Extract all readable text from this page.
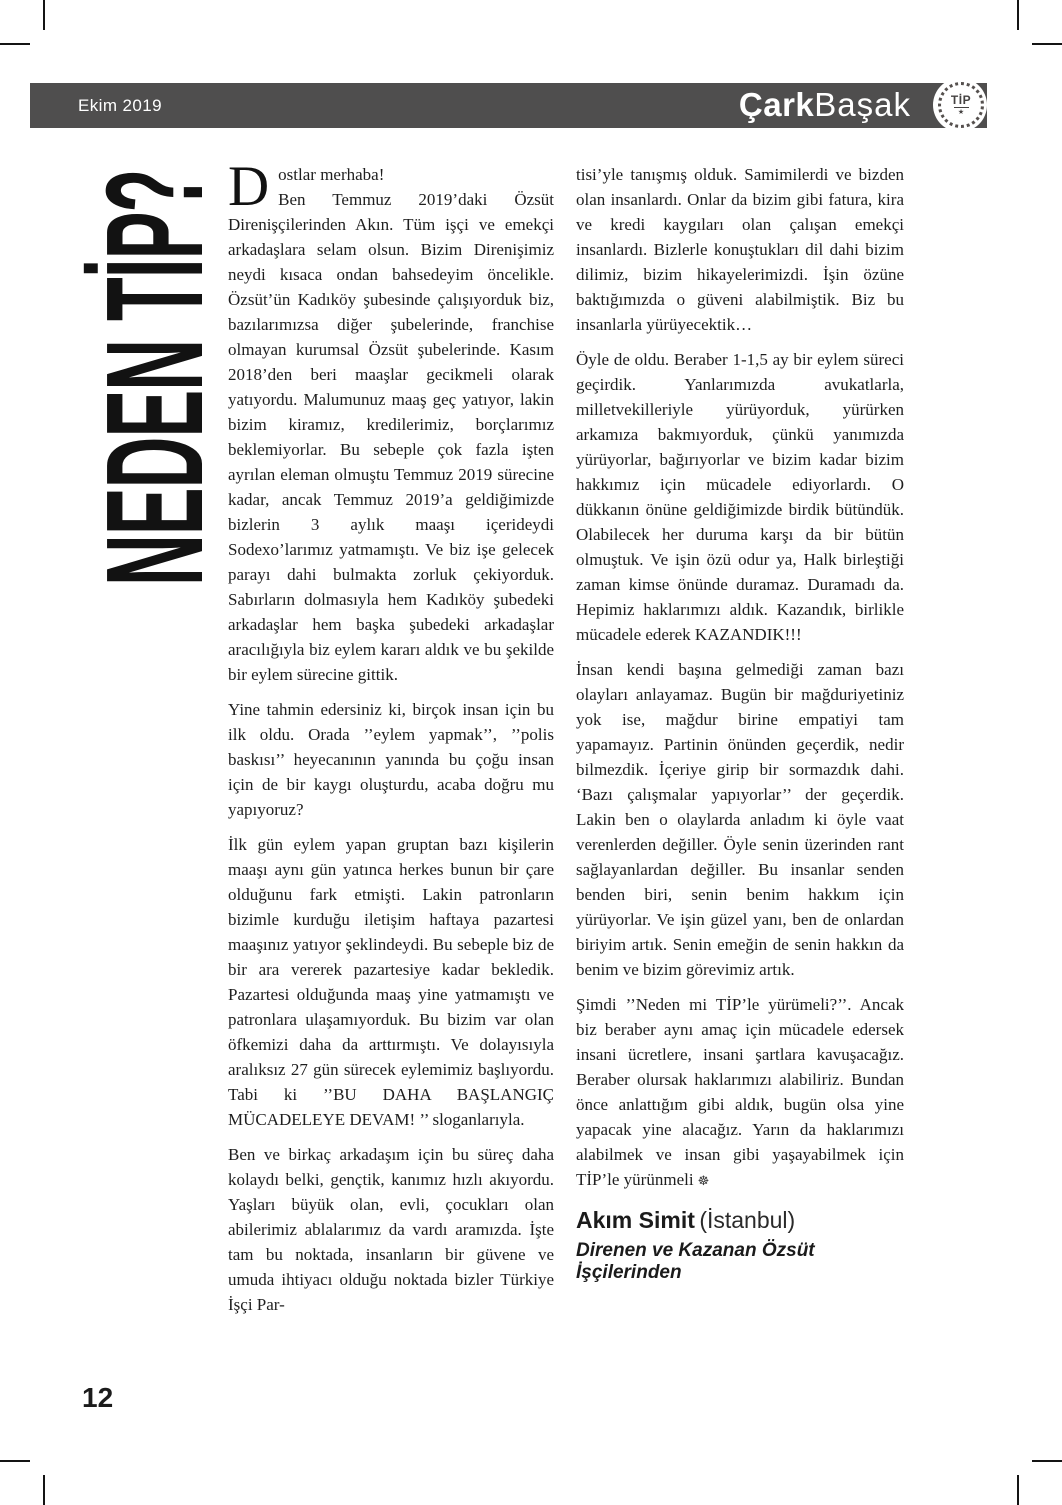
Ekim 2019	ÇarkBaşak	TİP
★
NEDEN TİP?

Dostlar merhaba!
Ben Temmuz 2019’daki Özsüt Direnişçilerinden Akın. Tüm işçi ve emekçi arkadaşlara selam olsun. Bizim Direnişimiz neydi kısaca ondan bahsedeyim öncelikle. Özsüt’ün Kadıköy şubesinde çalışıyorduk biz, bazılarımızsa diğer şubelerinde, franchise olmayan kurumsal Özsüt şubelerinde. Kasım 2018’den beri maaşlar gecikmeli olarak yatıyordu. Malumunuz maaş geç yatıyor, lakin bizim kiramız, kredilerimiz, borçlarımız beklemiyorlar. Bu sebeple çok fazla işten ayrılan eleman olmuştu Temmuz 2019 sürecine kadar, ancak Temmuz 2019’a geldiğimizde bizlerin 3 aylık maaşı içerideydi Sodexo’larımız yatmamıştı. Ve biz işe gelecek parayı dahi bulmakta zorluk çekiyorduk. Sabırların dolmasıyla hem Kadıköy şubedeki arkadaşlar hem başka şubedeki arkadaşlar aracılığıyla biz eylem kararı aldık ve bu şekilde bir eylem sürecine gittik.

Yine tahmin edersiniz ki, birçok insan için bu ilk oldu. Orada ’’eylem yapmak’’, ’’polis baskısı’’ heyecanının yanında bu çoğu insan için de bir kaygı oluşturdu, acaba doğru mu yapıyoruz?

İlk gün eylem yapan gruptan bazı kişilerin maaşı aynı gün yatınca herkes bunun bir çare olduğunu fark etmişti. Lakin patronların bizimle kurduğu iletişim haftaya pazartesi maaşınız yatıyor şeklindeydi. Bu sebeple biz de bir ara vererek pazartesiye kadar bekledik. Pazartesi olduğunda maaş yine yatmamıştı ve patronlara ulaşamıyorduk. Bu bizim var olan öfkemizi daha da arttırmıştı. Ve dolayısıyla aralıksız 27 gün sürecek eylemimiz başlıyordu. Tabi ki ’’BU DAHA BAŞLANGIÇ MÜCADELEYE DEVAM! ’’ sloganlarıyla.

Ben ve birkaç arkadaşım için bu süreç daha kolaydı belki, gençtik, kanımız hızlı akıyordu. Yaşları büyük olan, evli, çocukları olan abilerimiz ablalarımız da vardı aramızda. İşte tam bu noktada, insanların bir güvene ve umuda ihtiyacı olduğu noktada bizler Türkiye İşçi Par-

tisi’yle tanışmış olduk. Samimilerdi ve bizden olan insanlardı. Onlar da bizim gibi fatura, kira ve kredi kaygıları olan çalışan emekçi insanlardı. Bizlerle konuştukları dil dahi bizim dilimiz, bizim hikayelerimizdi. İşin özüne baktığımızda o güveni alabilmiştik. Biz bu insanlarla yürüyecektik…

Öyle de oldu. Beraber 1-1,5 ay bir eylem süreci geçirdik. Yanlarımızda avukatlarla, milletvekilleriyle yürüyorduk, yürürken arkamıza bakmıyorduk, çünkü yanımızda yürüyorlar, bağırıyorlar ve bizim kadar bizim hakkımız için mücadele ediyorlardı. O dükkanın önüne geldiğimizde birdik bütündük. Olabilecek her duruma karşı da bir bütün olmuştuk. Ve işin özü odur ya, Halk birleştiği zaman kimse önünde duramaz. Duramadı da. Hepimiz haklarımızı aldık. Kazandık, birlikle mücadele ederek KAZANDIK!!!

İnsan kendi başına gelmediği zaman bazı olayları anlayamaz. Bugün bir mağduriyetiniz yok ise, mağdur birine empatiyi tam yapamayız. Partinin önünden geçerdik, nedir bilmezdik. İçeriye girip bir sormazdık dahi. ‘Bazı çalışmalar yapıyorlar’’ der geçerdik. Lakin ben o olaylarda anladım ki öyle vaat verenlerden değiller. Öyle senin üzerinden rant sağlayanlardan değiller. Bu insanlar senden benden biri, senin benim hakkım için yürüyorlar. Ve işin güzel yanı, ben de onlardan biriyim artık. Senin emeğin de senin hakkın da benim ve bizim görevimiz artık.

Şimdi ’’Neden mi TİP’le yürümeli?’’. Ancak biz beraber aynı amaç için mücadele edersek insani ücretlere, insani şartlara kavuşacağız. Beraber olursak haklarımızı alabiliriz. Bundan önce anlattığım gibi aldık, bugün olsa yine yapacak yine alacağız. Yarın da haklarımızı alabilmek ve insan gibi yaşayabilmek için TİP’le yürünmeli ☸

Akım Simit (İstanbul)
Direnen ve Kazanan Özsüt İşçilerinden
12
